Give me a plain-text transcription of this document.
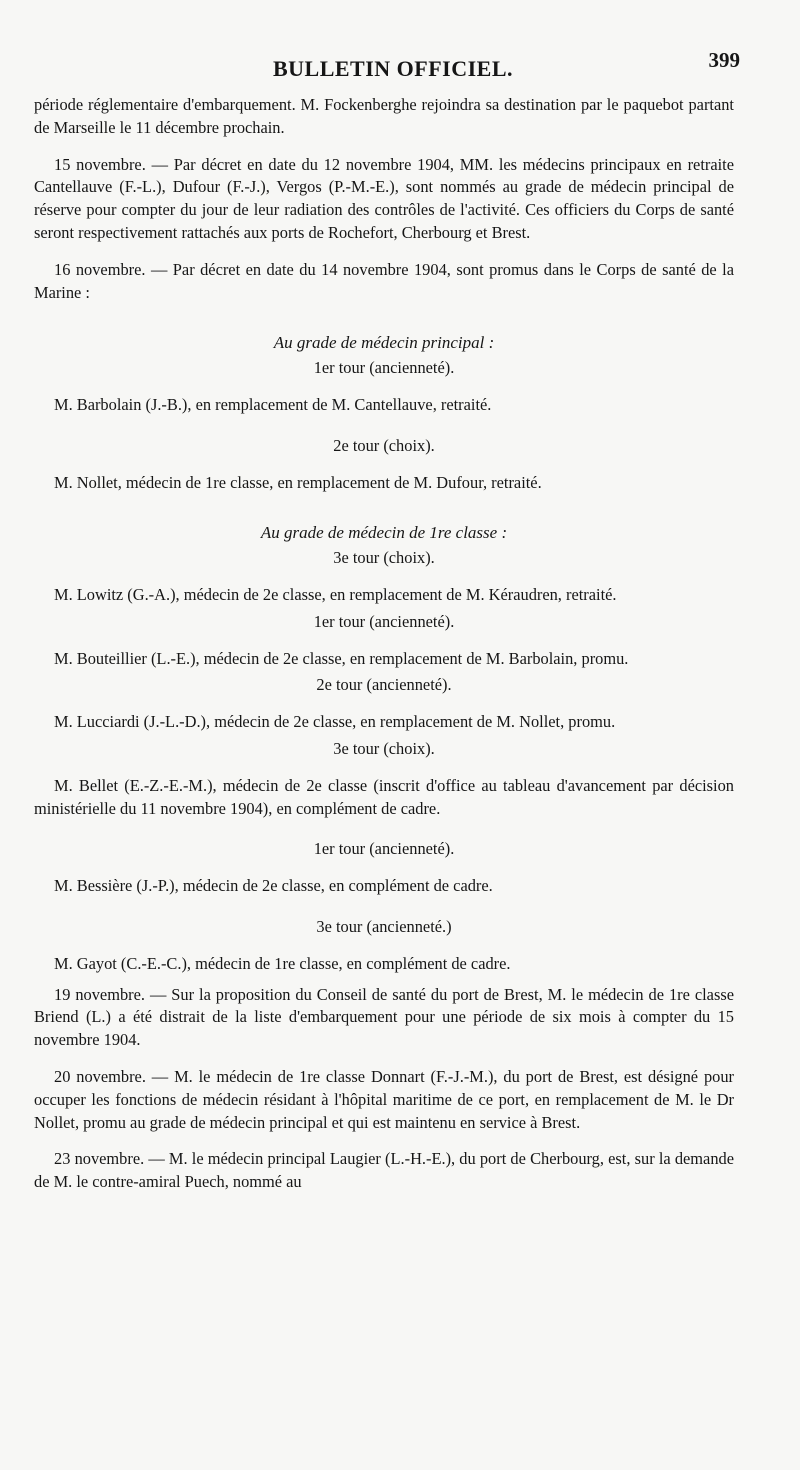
BULLETIN OFFICIEL.	399

période réglementaire d'embarquement. M. Fockenberghe rejoindra sa destination par le paquebot partant de Marseille le 11 décembre prochain.

15 novembre. — Par décret en date du 12 novembre 1904, MM. les médecins principaux en retraite Cantellauve (F.-L.), Dufour (F.-J.), Vergos (P.-M.-E.), sont nommés au grade de médecin principal de réserve pour compter du jour de leur radiation des contrôles de l'activité. Ces officiers du Corps de santé seront respectivement rattachés aux ports de Rochefort, Cherbourg et Brest.

16 novembre. — Par décret en date du 14 novembre 1904, sont promus dans le Corps de santé de la Marine :

Au grade de médecin principal :

1er tour (ancienneté).

M. Barbolain (J.-B.), en remplacement de M. Cantellauve, retraité.

2e tour (choix).

M. Nollet, médecin de 1re classe, en remplacement de M. Dufour, retraité.

Au grade de médecin de 1re classe :

3e tour (choix).

M. Lowitz (G.-A.), médecin de 2e classe, en remplacement de M. Kéraudren, retraité.

1er tour (ancienneté).

M. Bouteillier (L.-E.), médecin de 2e classe, en remplacement de M. Barbolain, promu.

2e tour (ancienneté).

M. Lucciardi (J.-L.-D.), médecin de 2e classe, en remplacement de M. Nollet, promu.

3e tour (choix).

M. Bellet (E.-Z.-E.-M.), médecin de 2e classe (inscrit d'office au tableau d'avancement par décision ministérielle du 11 novembre 1904), en complément de cadre.

1er tour (ancienneté).

M. Bessière (J.-P.), médecin de 2e classe, en complément de cadre.

3e tour (ancienneté.)

M. Gayot (C.-E.-C.), médecin de 1re classe, en complément de cadre.

19 novembre. — Sur la proposition du Conseil de santé du port de Brest, M. le médecin de 1re classe Briend (L.) a été distrait de la liste d'embarquement pour une période de six mois à compter du 15 novembre 1904.

20 novembre. — M. le médecin de 1re classe Donnart (F.-J.-M.), du port de Brest, est désigné pour occuper les fonctions de médecin résidant à l'hôpital maritime de ce port, en remplacement de M. le Dr Nollet, promu au grade de médecin principal et qui est maintenu en service à Brest.

23 novembre. — M. le médecin principal Laugier (L.-H.-E.), du port de Cherbourg, est, sur la demande de M. le contre-amiral Puech, nommé au
